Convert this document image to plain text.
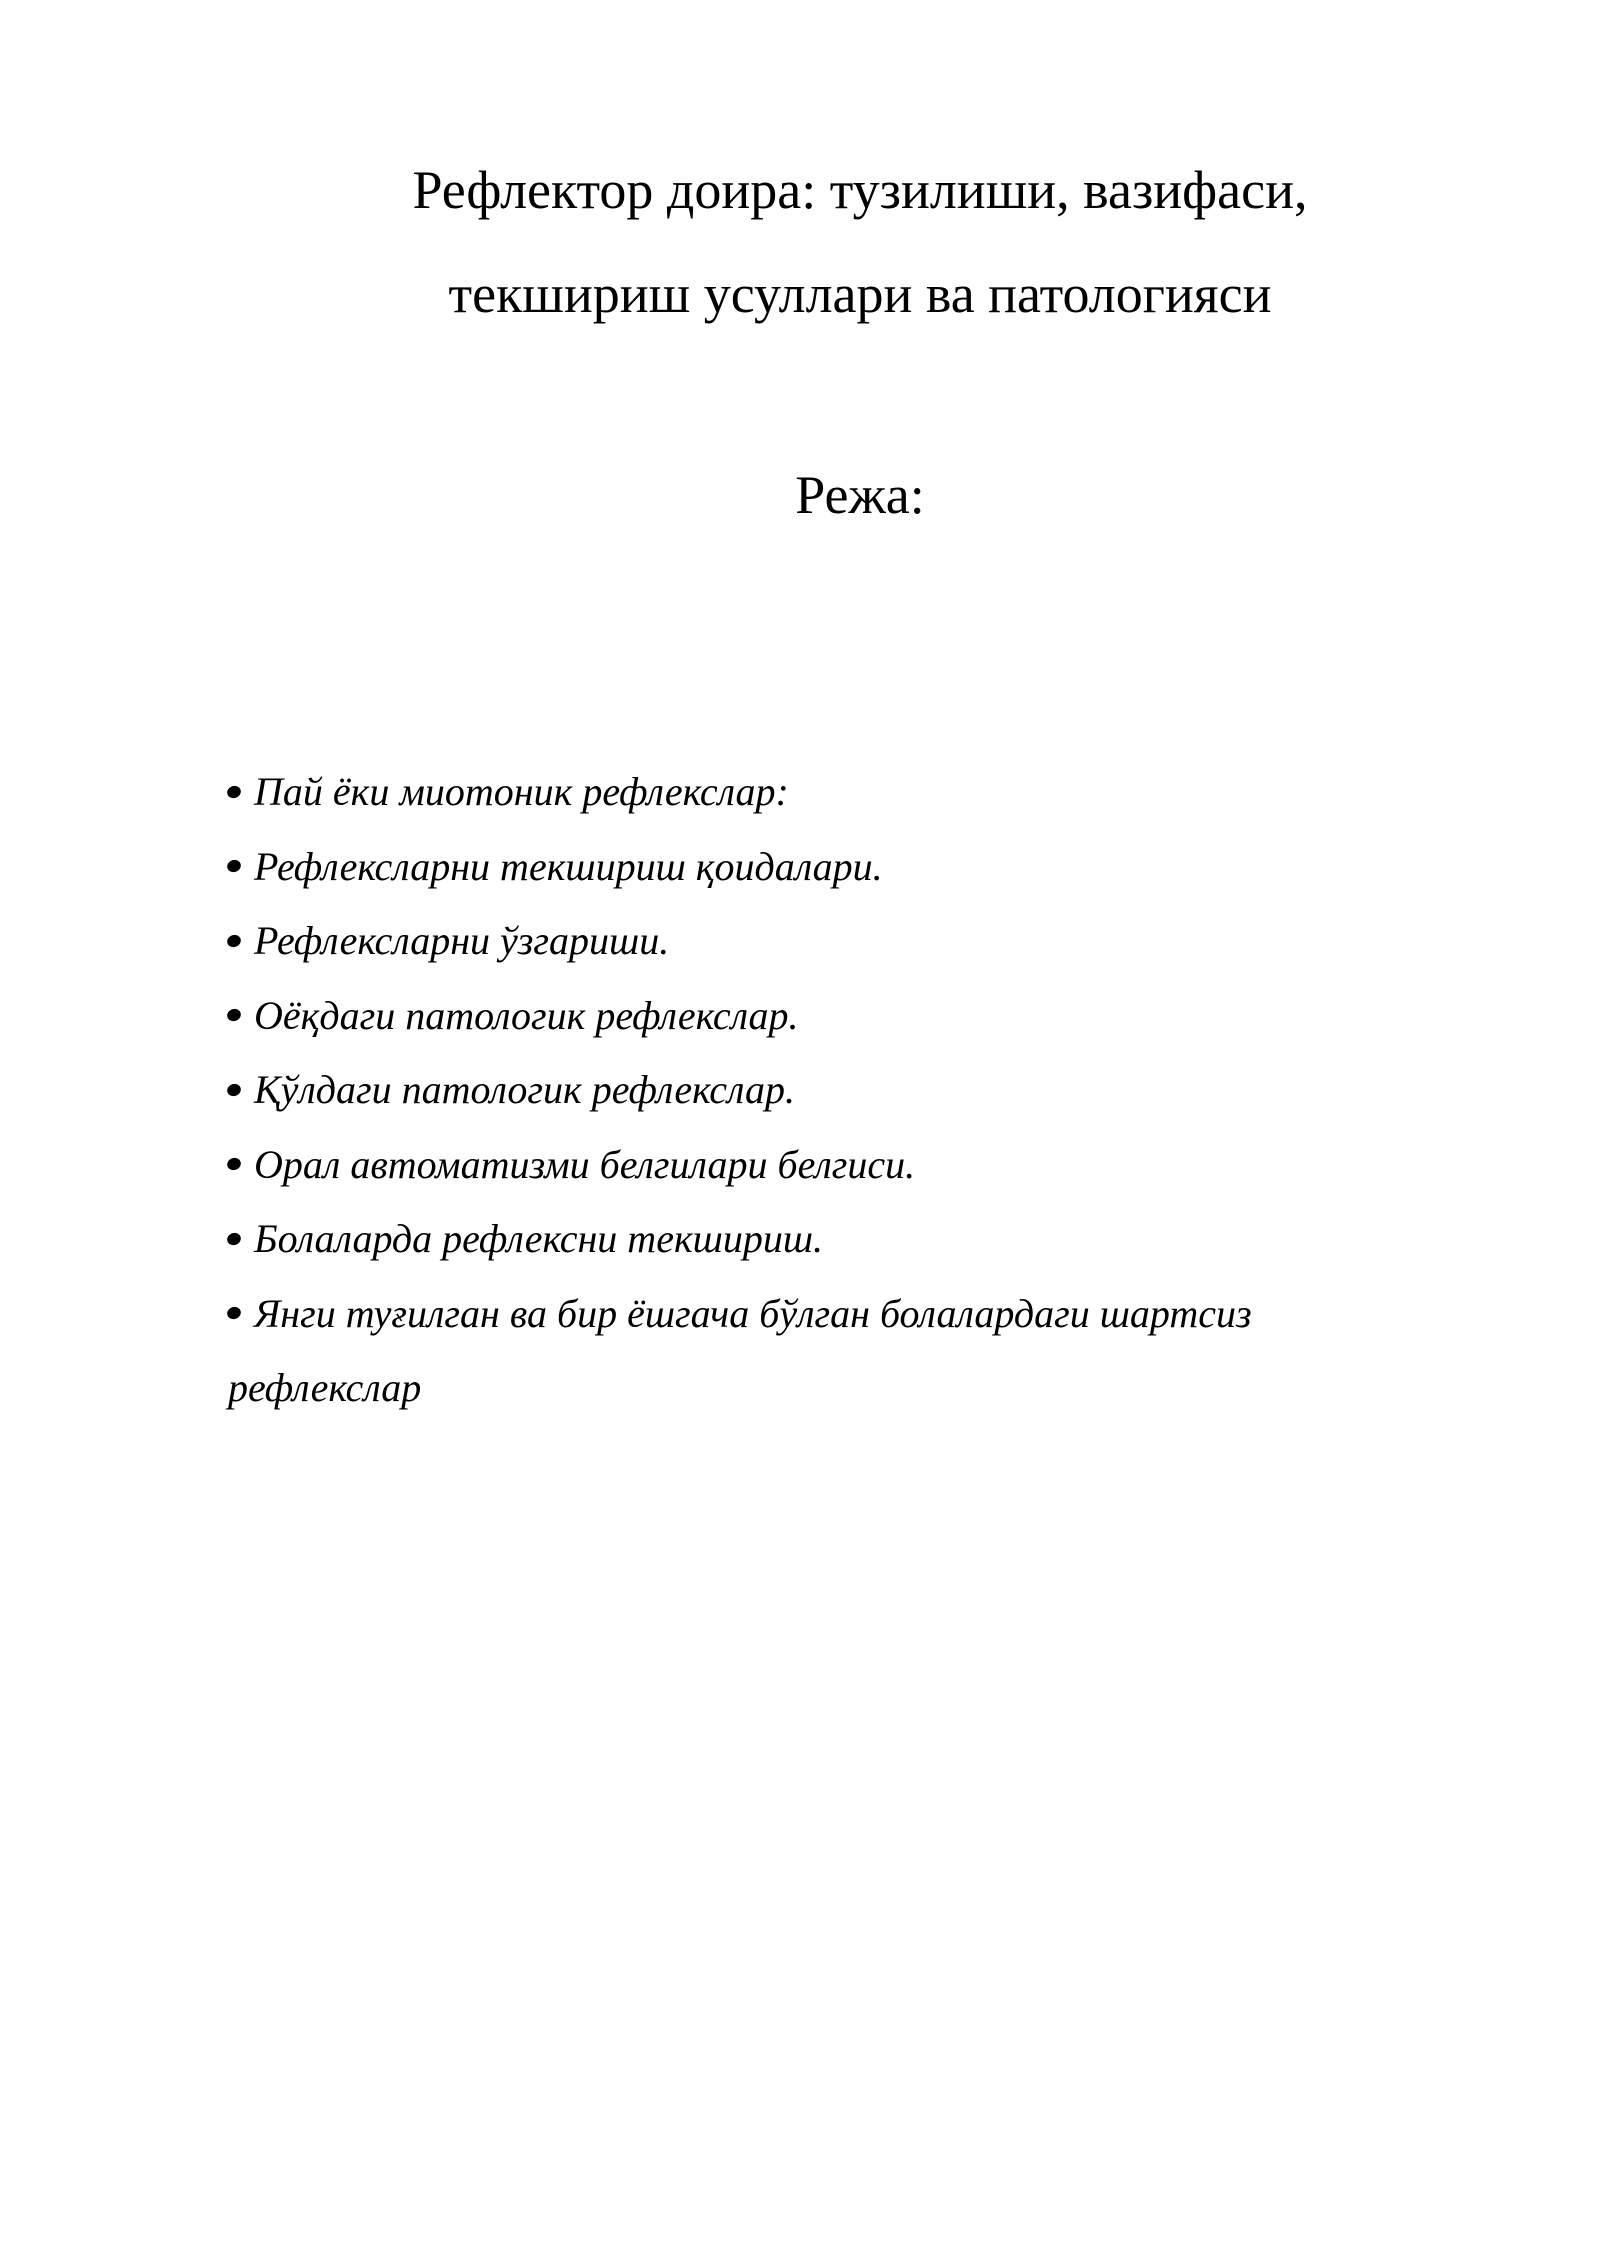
Рефлектор доира: тузилиши, вазифаси,
текшириш усуллари ва патологияси
Режа:
Пай ёки миотоник рефлекслар:
Рефлексларни текшириш қоидалари.
Рефлексларни ўзгариши.
Оёқдаги патологик рефлекслар.
Қўлдаги патологик рефлекслар.
Орал автоматизми белгилари белгиси.
Болаларда рефлексни текшириш.
Янги туғилган ва бир ёшгача бўлган болалардаги шартсиз рефлекслар
